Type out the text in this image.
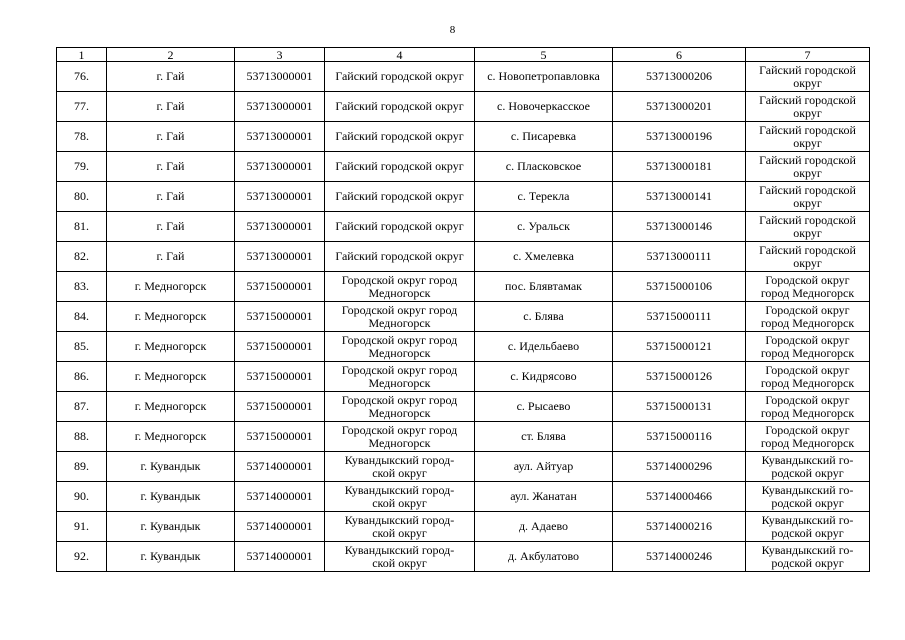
8
1	2	3	4	5	6	7
76.	г. Гай	53713000001	Гайский городской округ	с. Новопетропавловка	53713000206	Гайский городской
округ
77.	г. Гай	53713000001	Гайский городской округ	с. Новочеркасское	53713000201	Гайский городской
округ
78.	г. Гай	53713000001	Гайский городской округ	с. Писаревка	53713000196	Гайский городской
округ
79.	г. Гай	53713000001	Гайский городской округ	с. Пласковское	53713000181	Гайский городской
округ
80.	г. Гай	53713000001	Гайский городской округ	с. Терекла	53713000141	Гайский городской
округ
81.	г. Гай	53713000001	Гайский городской округ	с. Уральск	53713000146	Гайский городской
округ
82.	г. Гай	53713000001	Гайский городской округ	с. Хмелевка	53713000111	Гайский городской
округ
83.	г. Медногорск	53715000001	Городской округ город
Медногорск	пос. Блявтамак	53715000106	Городской округ
город Медногорск
84.	г. Медногорск	53715000001	Городской округ город
Медногорск	с. Блява	53715000111	Городской округ
город Медногорск
85.	г. Медногорск	53715000001	Городской округ город
Медногорск	с. Идельбаево	53715000121	Городской округ
город Медногорск
86.	г. Медногорск	53715000001	Городской округ город
Медногорск	с. Кидрясово	53715000126	Городской округ
город Медногорск
87.	г. Медногорск	53715000001	Городской округ город
Медногорск	с. Рысаево	53715000131	Городской округ
город Медногорск
88.	г. Медногорск	53715000001	Городской округ город
Медногорск	ст. Блява	53715000116	Городской округ
город Медногорск
89.	г. Кувандык	53714000001	Кувандыкский город-
ской округ	аул. Айтуар	53714000296	Кувандыкский го-
родской округ
90.	г. Кувандык	53714000001	Кувандыкский город-
ской округ	аул. Жанатан	53714000466	Кувандыкский го-
родской округ
91.	г. Кувандык	53714000001	Кувандыкский город-
ской округ	д. Адаево	53714000216	Кувандыкский го-
родской округ
92.	г. Кувандык	53714000001	Кувандыкский город-
ской округ	д. Акбулатово	53714000246	Кувандыкский го-
родской округ
